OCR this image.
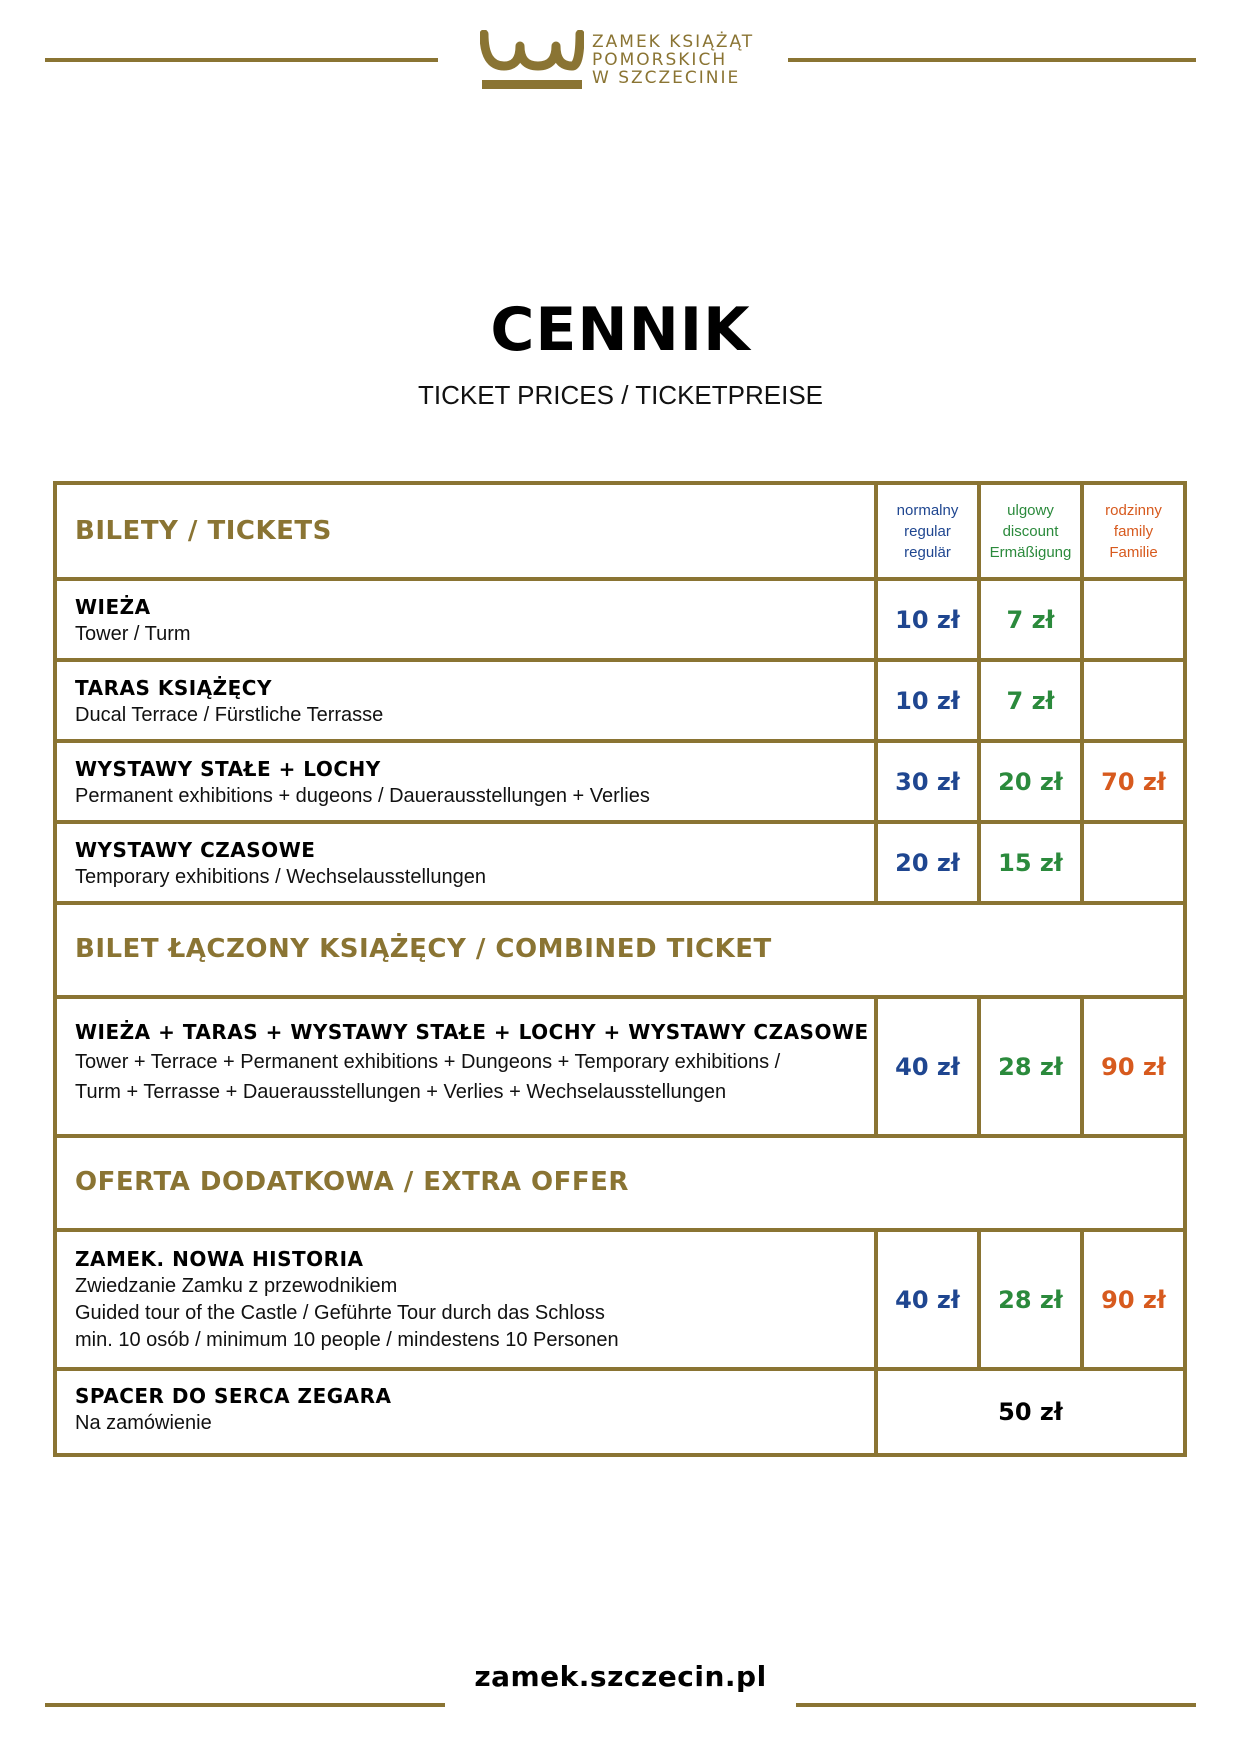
ZAMEK KSIĄŻĄT
POMORSKICH
W SZCZECINIE
CENNIK
TICKET PRICES / TICKETPREISE
BILETY / TICKETS
normalny
regular
regulär
ulgowy
discount
Ermäßigung
rodzinny
family
Familie
WIEŻA
Tower / Turm
10 zł	7 zł
TARAS KSIĄŻĘCY
Ducal Terrace / Fürstliche Terrasse
10 zł	7 zł
WYSTAWY STAŁE + LOCHY
Permanent exhibitions + dugeons / Dauerausstellungen + Verlies
30 zł	20 zł	70 zł
WYSTAWY CZASOWE
Temporary exhibitions / Wechselausstellungen
20 zł	15 zł
BILET ŁĄCZONY KSIĄŻĘCY / COMBINED TICKET
WIEŻA + TARAS + WYSTAWY STAŁE + LOCHY + WYSTAWY CZASOWE
Tower + Terrace + Permanent exhibitions + Dungeons + Temporary exhibitions /
Turm + Terrasse + Dauerausstellungen + Verlies + Wechselausstellungen
40 zł	28 zł	90 zł
OFERTA DODATKOWA / EXTRA OFFER
ZAMEK. NOWA HISTORIA
Zwiedzanie Zamku z przewodnikiem
Guided tour of the Castle / Geführte Tour durch das Schloss
min. 10 osób / minimum 10 people / mindestens 10 Personen
40 zł	28 zł	90 zł
SPACER DO SERCA ZEGARA
Na zamówienie	50 zł
zamek.szczecin.pl
